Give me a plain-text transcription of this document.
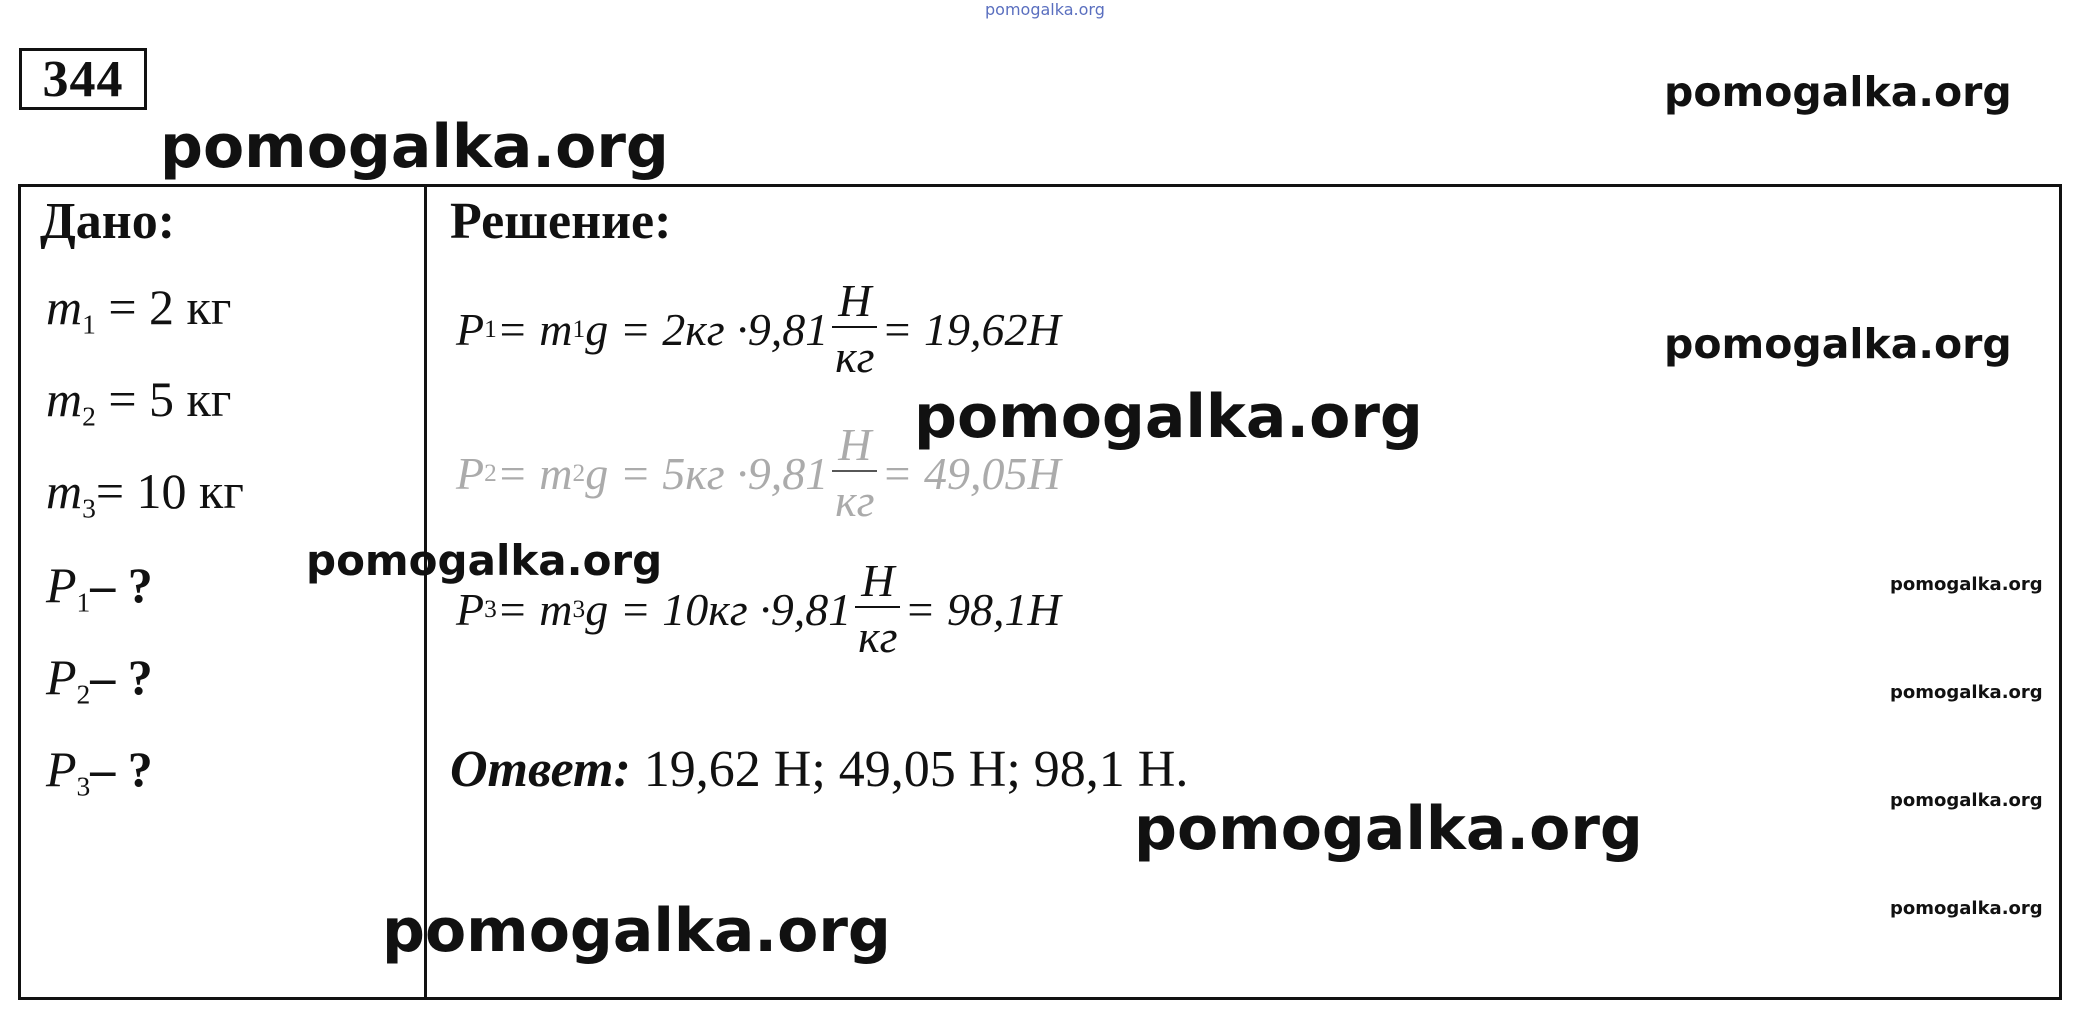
pomogalka.org
344
pomogalka.org
pomogalka.org
pomogalka.org
Дано:
$m_1 = 2$ кг
$m_2 = 5$ кг
$m_3= 10$ кг
$P_1-$ ?
$P_2-$ ?
$P_3-$ ?
Решение:
P 1 = m 1 $g = 2кг \cdot 9,81 \frac{Н}{кг} = 19,62Н$
P 2 = m 2 $g = 5кг \cdot 9,81 \frac{Н}{кг} = 49,05Н$
P 3 = m 3 $g = 10кг \cdot 9,81 \frac{Н}{кг} = 98,1Н$
Ответ: 19,62 Н; 49,05 Н; 98,1 Н.
pomogalka.org
pomogalka.org
pomogalka.org
pomogalka.org
pomogalka.org
pomogalka.org
pomogalka.org
pomogalka.org
